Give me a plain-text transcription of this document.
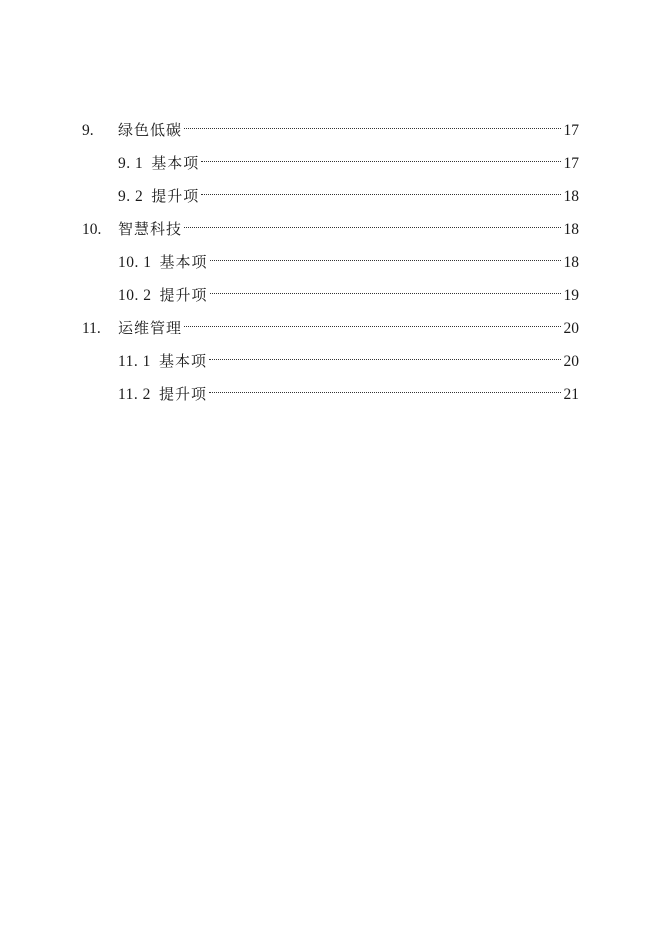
9.	绿色低碳	17
9. 1 基本项	17
9. 2 提升项	18
10.	智慧科技	18
10. 1 基本项	18
10. 2 提升项	19
11.	运维管理	20
11. 1 基本项	20
11. 2 提升项	21
